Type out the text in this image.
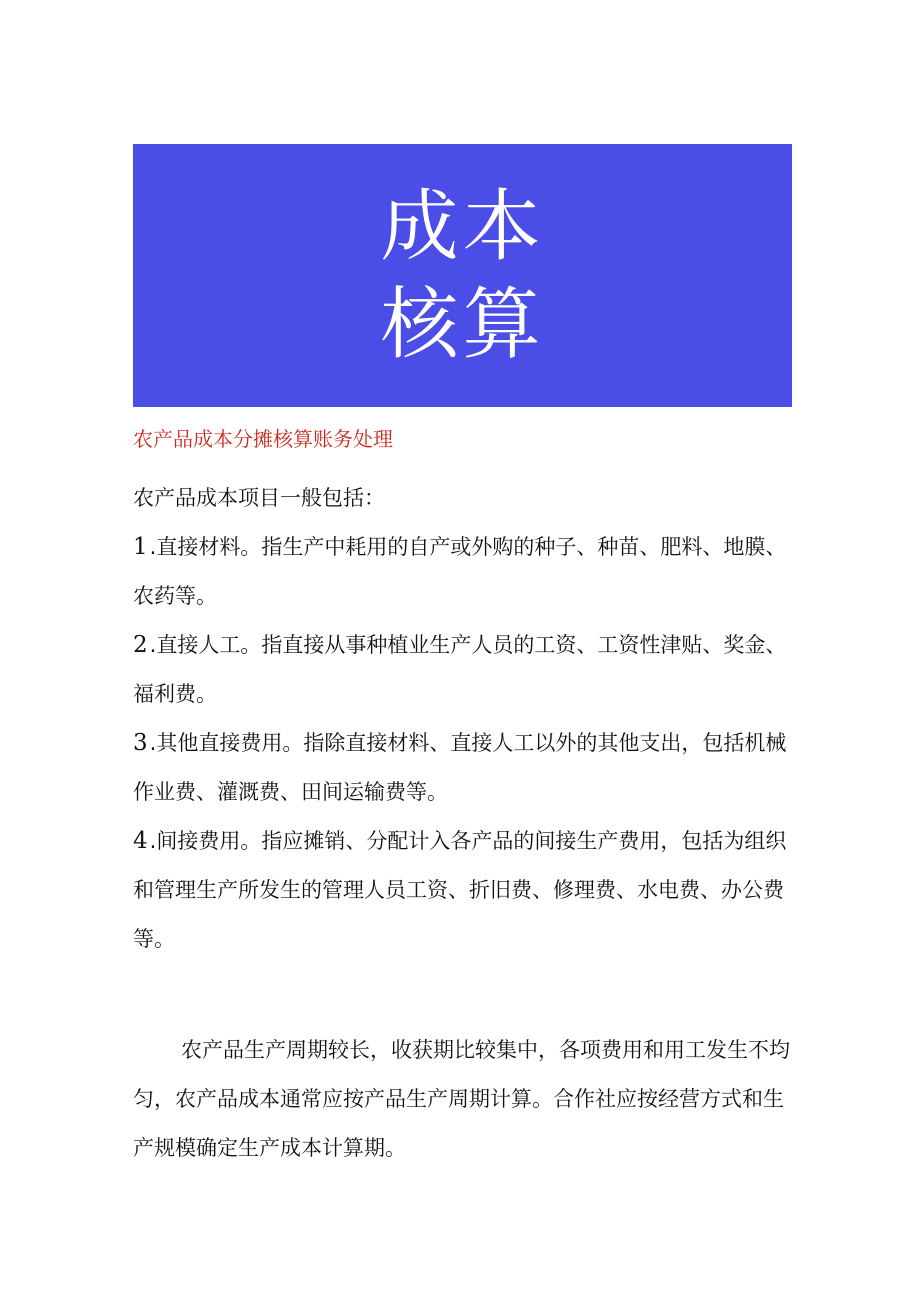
成本
核算
农产品成本分摊核算账务处理

农产品成本项目一般包括：

1.直接材料。指生产中耗用的自产或外购的种子、种苗、肥料、地膜、农药等。

2.直接人工。指直接从事种植业生产人员的工资、工资性津贴、奖金、福利费。

3.其他直接费用。指除直接材料、直接人工以外的其他支出，包括机械作业费、灌溉费、田间运输费等。

4.间接费用。指应摊销、分配计入各产品的间接生产费用，包括为组织和管理生产所发生的管理人员工资、折旧费、修理费、水电费、办公费等。

农产品生产周期较长，收获期比较集中，各项费用和用工发生不均匀，农产品成本通常应按产品生产周期计算。合作社应按经营方式和生产规模确定生产成本计算期。
